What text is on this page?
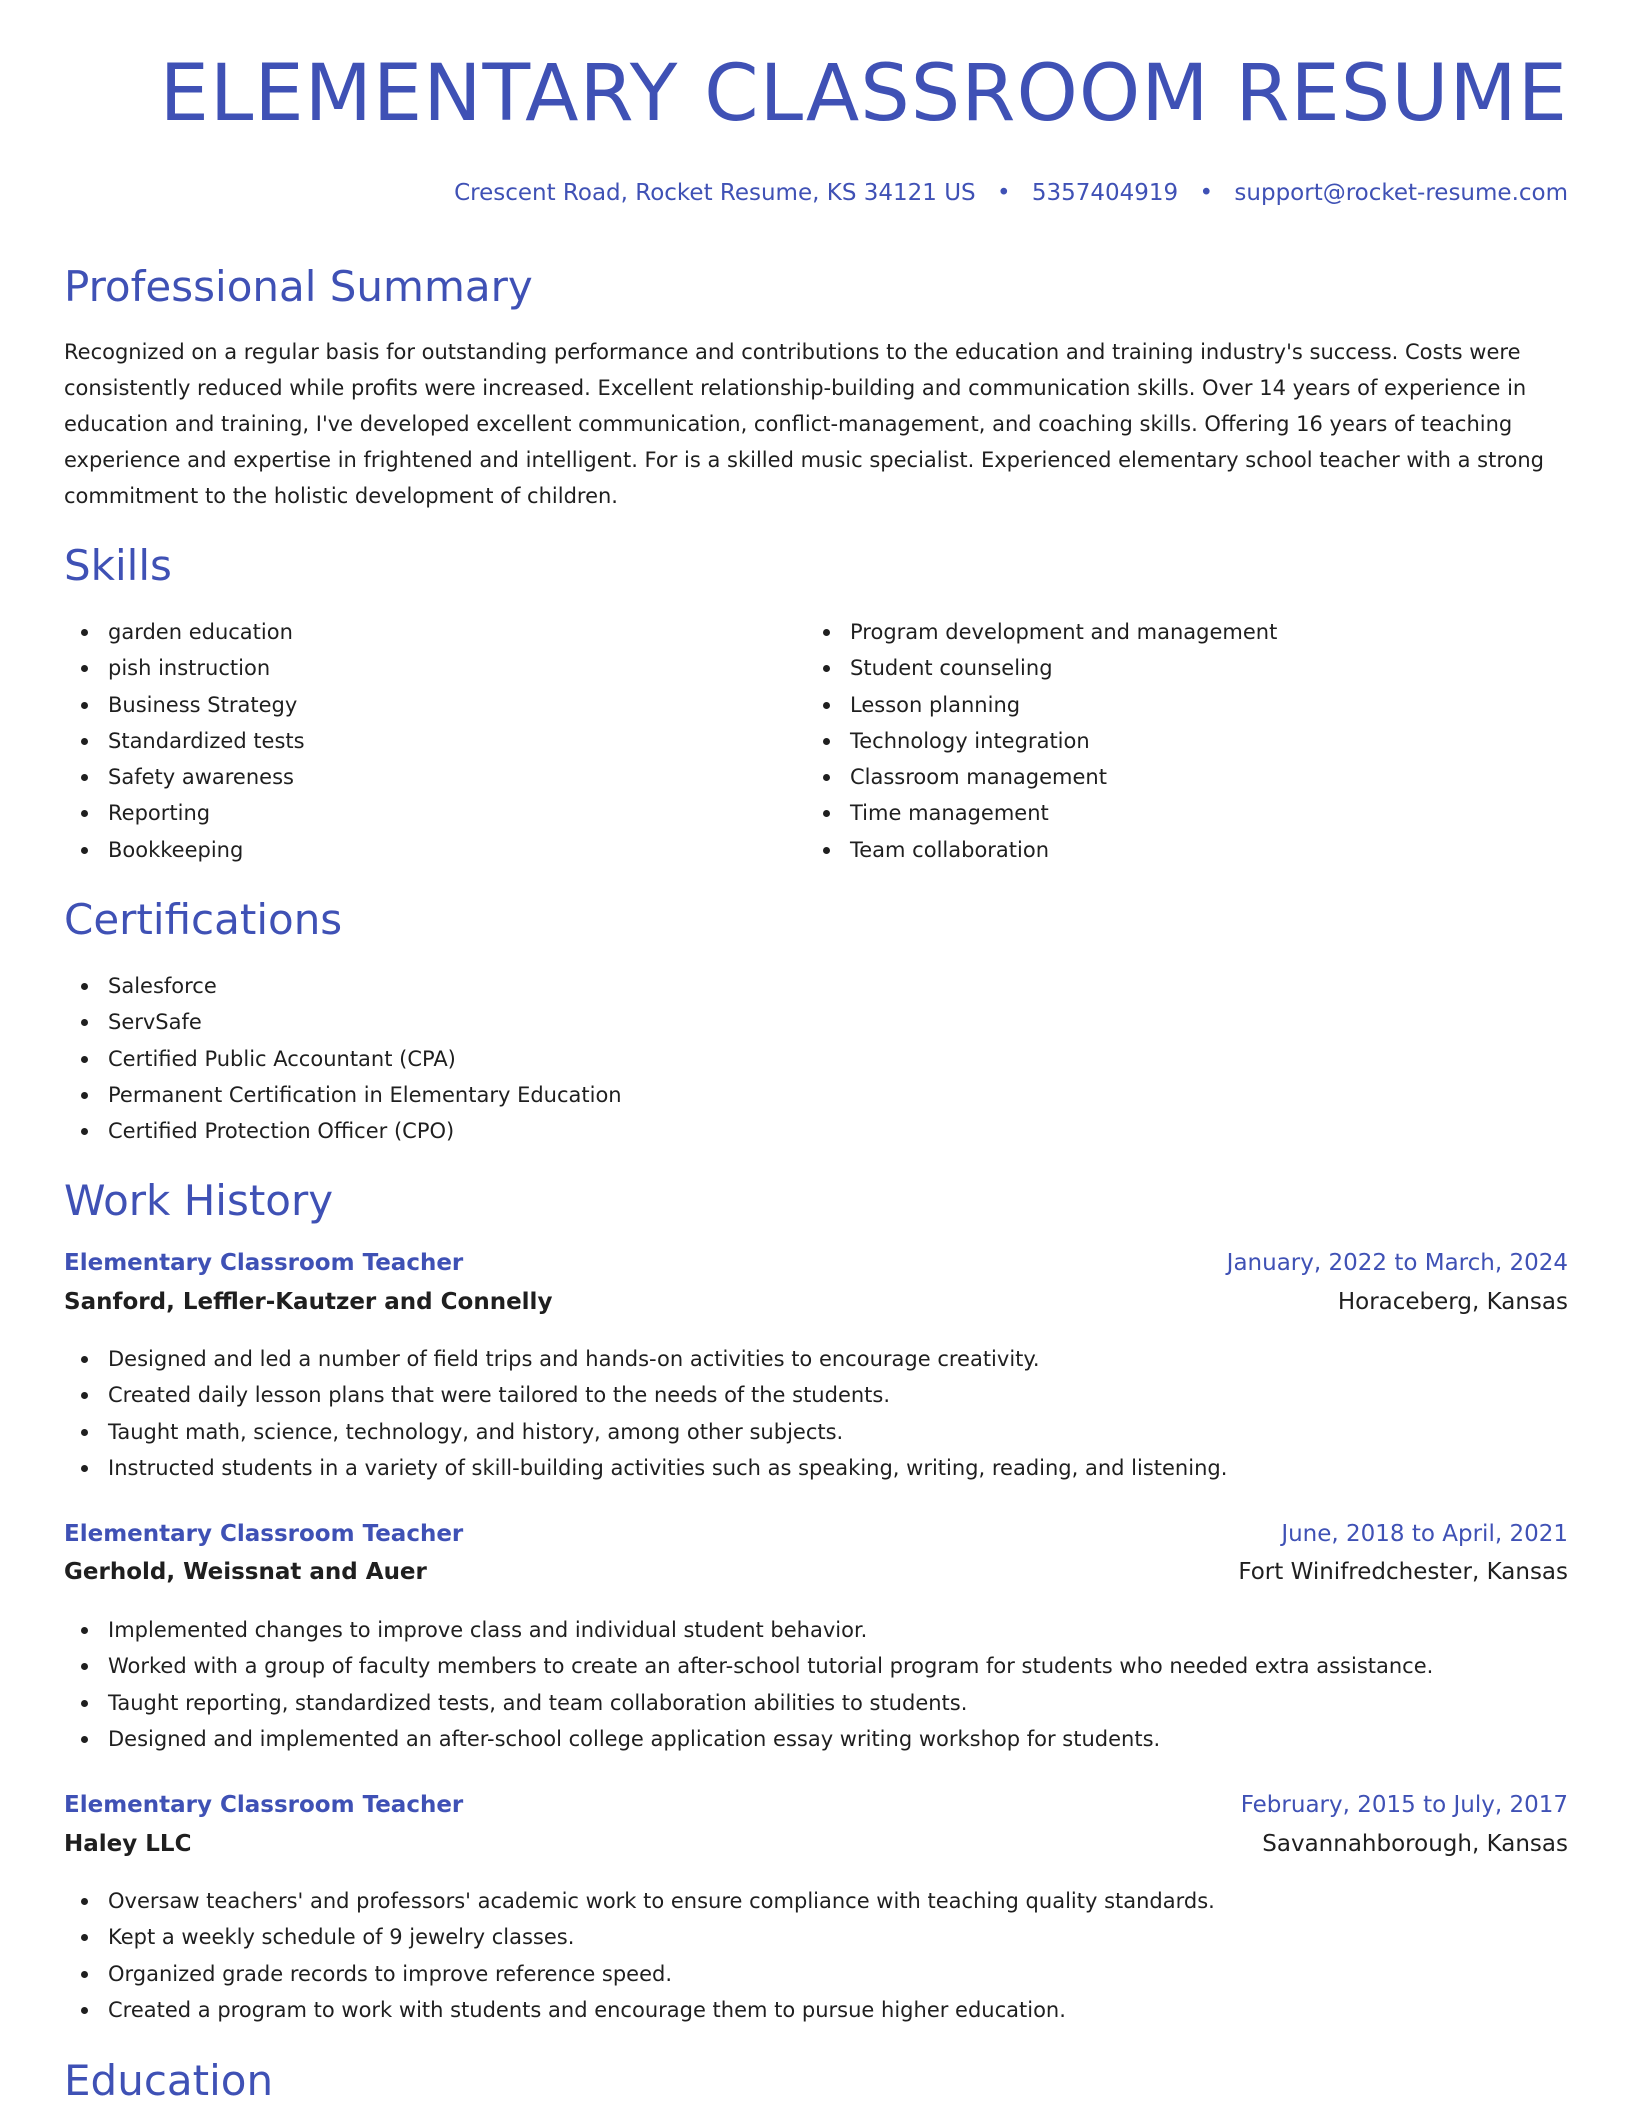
ELEMENTARY CLASSROOM RESUME
Crescent Road, Rocket Resume, KS 34121 US • 5357404919 • support@rocket-resume.com
Professional Summary

Recognized on a regular basis for outstanding performance and contributions to the education and training industry's success. Costs were consistently reduced while profits were increased. Excellent relationship-building and communication skills. Over 14 years of experience in education and training, I've developed excellent communication, conflict-management, and coaching skills. Offering 16 years of teaching experience and expertise in frightened and intelligent. For is a skilled music specialist. Experienced elementary school teacher with a strong commitment to the holistic development of children.

Skills
garden education
pish instruction
Business Strategy
Standardized tests
Safety awareness
Reporting
Bookkeeping
Program development and management
Student counseling
Lesson planning
Technology integration
Classroom management
Time management
Team collaboration
Certifications
Salesforce
ServSafe
Certified Public Accountant (CPA)
Permanent Certification in Elementary Education
Certified Protection Officer (CPO)
Work History
Elementary Classroom Teacher	January, 2022 to March, 2024
Sanford, Leffler-Kautzer and Connelly	Horaceberg, Kansas
Designed and led a number of field trips and hands-on activities to encourage creativity.
Created daily lesson plans that were tailored to the needs of the students.
Taught math, science, technology, and history, among other subjects.
Instructed students in a variety of skill-building activities such as speaking, writing, reading, and listening.
Elementary Classroom Teacher	June, 2018 to April, 2021
Gerhold, Weissnat and Auer	Fort Winifredchester, Kansas
Implemented changes to improve class and individual student behavior.
Worked with a group of faculty members to create an after-school tutorial program for students who needed extra assistance.
Taught reporting, standardized tests, and team collaboration abilities to students.
Designed and implemented an after-school college application essay writing workshop for students.
Elementary Classroom Teacher	February, 2015 to July, 2017
Haley LLC	Savannahborough, Kansas
Oversaw teachers' and professors' academic work to ensure compliance with teaching quality standards.
Kept a weekly schedule of 9 jewelry classes.
Organized grade records to improve reference speed.
Created a program to work with students and encourage them to pursue higher education.
Education
